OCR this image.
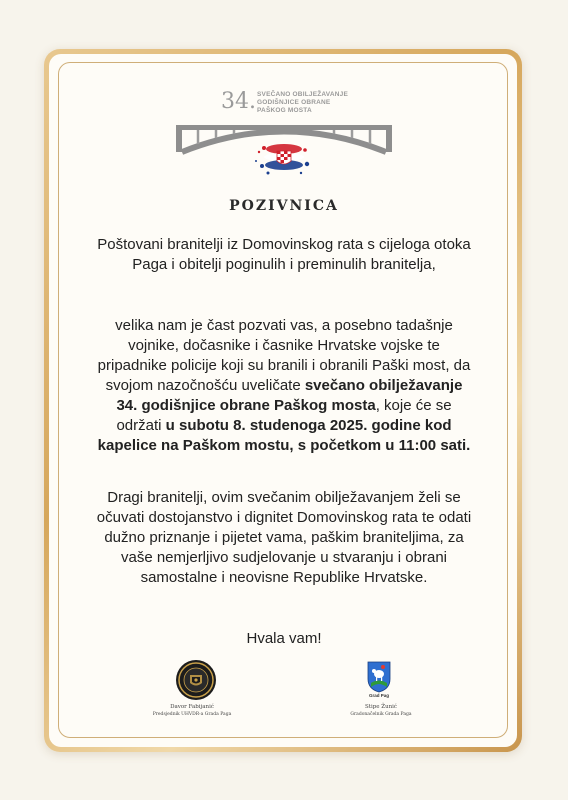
34. SVEČANO OBILJEŽAVANJE
GODIŠNJICE OBRANE
PAŠKOG MOSTA
POZIVNICA
Poštovani branitelji iz Domovinskog rata s cijeloga otoka Paga i obitelji poginulih i preminulih branitelja,
velika nam je čast pozvati vas, a posebno tadašnje vojnike, dočasnike i časnike Hrvatske vojske te pripadnike policije koji su branili i obranili Paški most, da svojom nazočnošću uveličate svečano obilježavanje 34. godišnjice obrane Paškog mosta, koje će se održati u subotu 8. studenoga 2025. godine kod kapelice na Paškom mostu, s početkom u 11:00 sati.
Dragi branitelji, ovim svečanim obilježavanjem želi se očuvati dostojanstvo i dignitet Domovinskog rata te odati dužno priznanje i pijetet vama, paškim braniteljima, za vaše nemjerljivo sudjelovanje u stvaranju i obrani samostalne i neovisne Republike Hrvatske.
Hvala vam!
Grad Pag
Davor Fabijanić
Predsjednik UHVDR-a Grada Paga
Stipe Žunić
Gradonačelnik Grada Paga
